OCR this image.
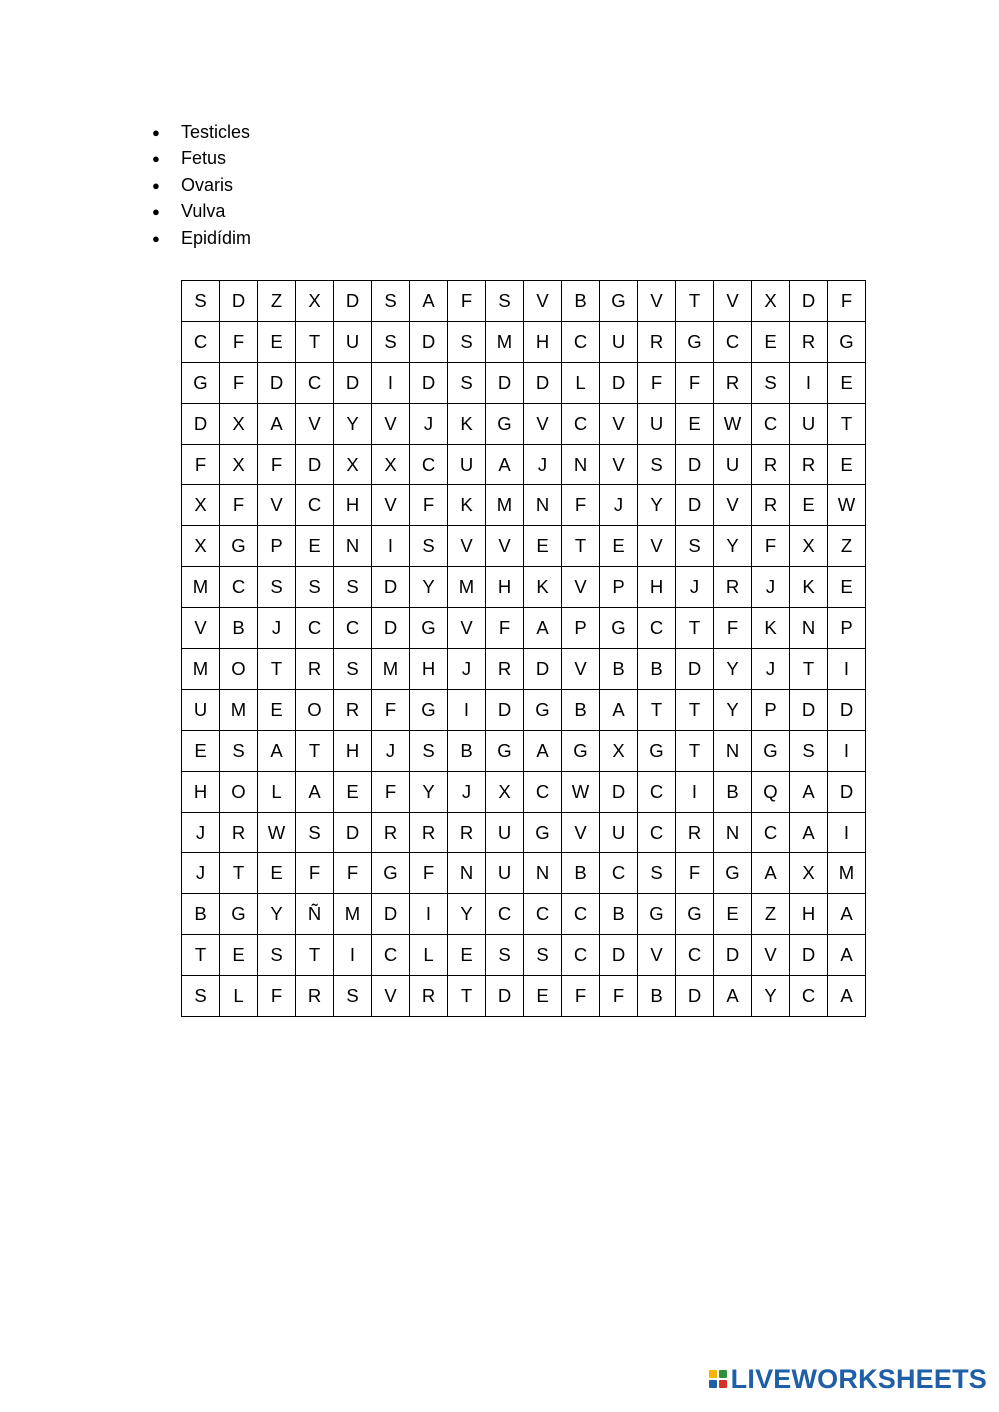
●	Testicles
●	Fetus
●	Ovaris
●	Vulva
●	Epidídim
S	D	Z	X	D	S	A	F	S	V	B	G	V	T	V	X	D	F
C	F	E	T	U	S	D	S	M	H	C	U	R	G	C	E	R	G
G	F	D	C	D	I	D	S	D	D	L	D	F	F	R	S	I	E
D	X	A	V	Y	V	J	K	G	V	C	V	U	E	W	C	U	T
F	X	F	D	X	X	C	U	A	J	N	V	S	D	U	R	R	E
X	F	V	C	H	V	F	K	M	N	F	J	Y	D	V	R	E	W
X	G	P	E	N	I	S	V	V	E	T	E	V	S	Y	F	X	Z
M	C	S	S	S	D	Y	M	H	K	V	P	H	J	R	J	K	E
V	B	J	C	C	D	G	V	F	A	P	G	C	T	F	K	N	P
M	O	T	R	S	M	H	J	R	D	V	B	B	D	Y	J	T	I
U	M	E	O	R	F	G	I	D	G	B	A	T	T	Y	P	D	D
E	S	A	T	H	J	S	B	G	A	G	X	G	T	N	G	S	I
H	O	L	A	E	F	Y	J	X	C	W	D	C	I	B	Q	A	D
J	R	W	S	D	R	R	R	U	G	V	U	C	R	N	C	A	I
J	T	E	F	F	G	F	N	U	N	B	C	S	F	G	A	X	M
B	G	Y	Ñ	M	D	I	Y	C	C	C	B	G	G	E	Z	H	A
T	E	S	T	I	C	L	E	S	S	C	D	V	C	D	V	D	A
S	L	F	R	S	V	R	T	D	E	F	F	B	D	A	Y	C	A
LIVEWORKSHEETS
